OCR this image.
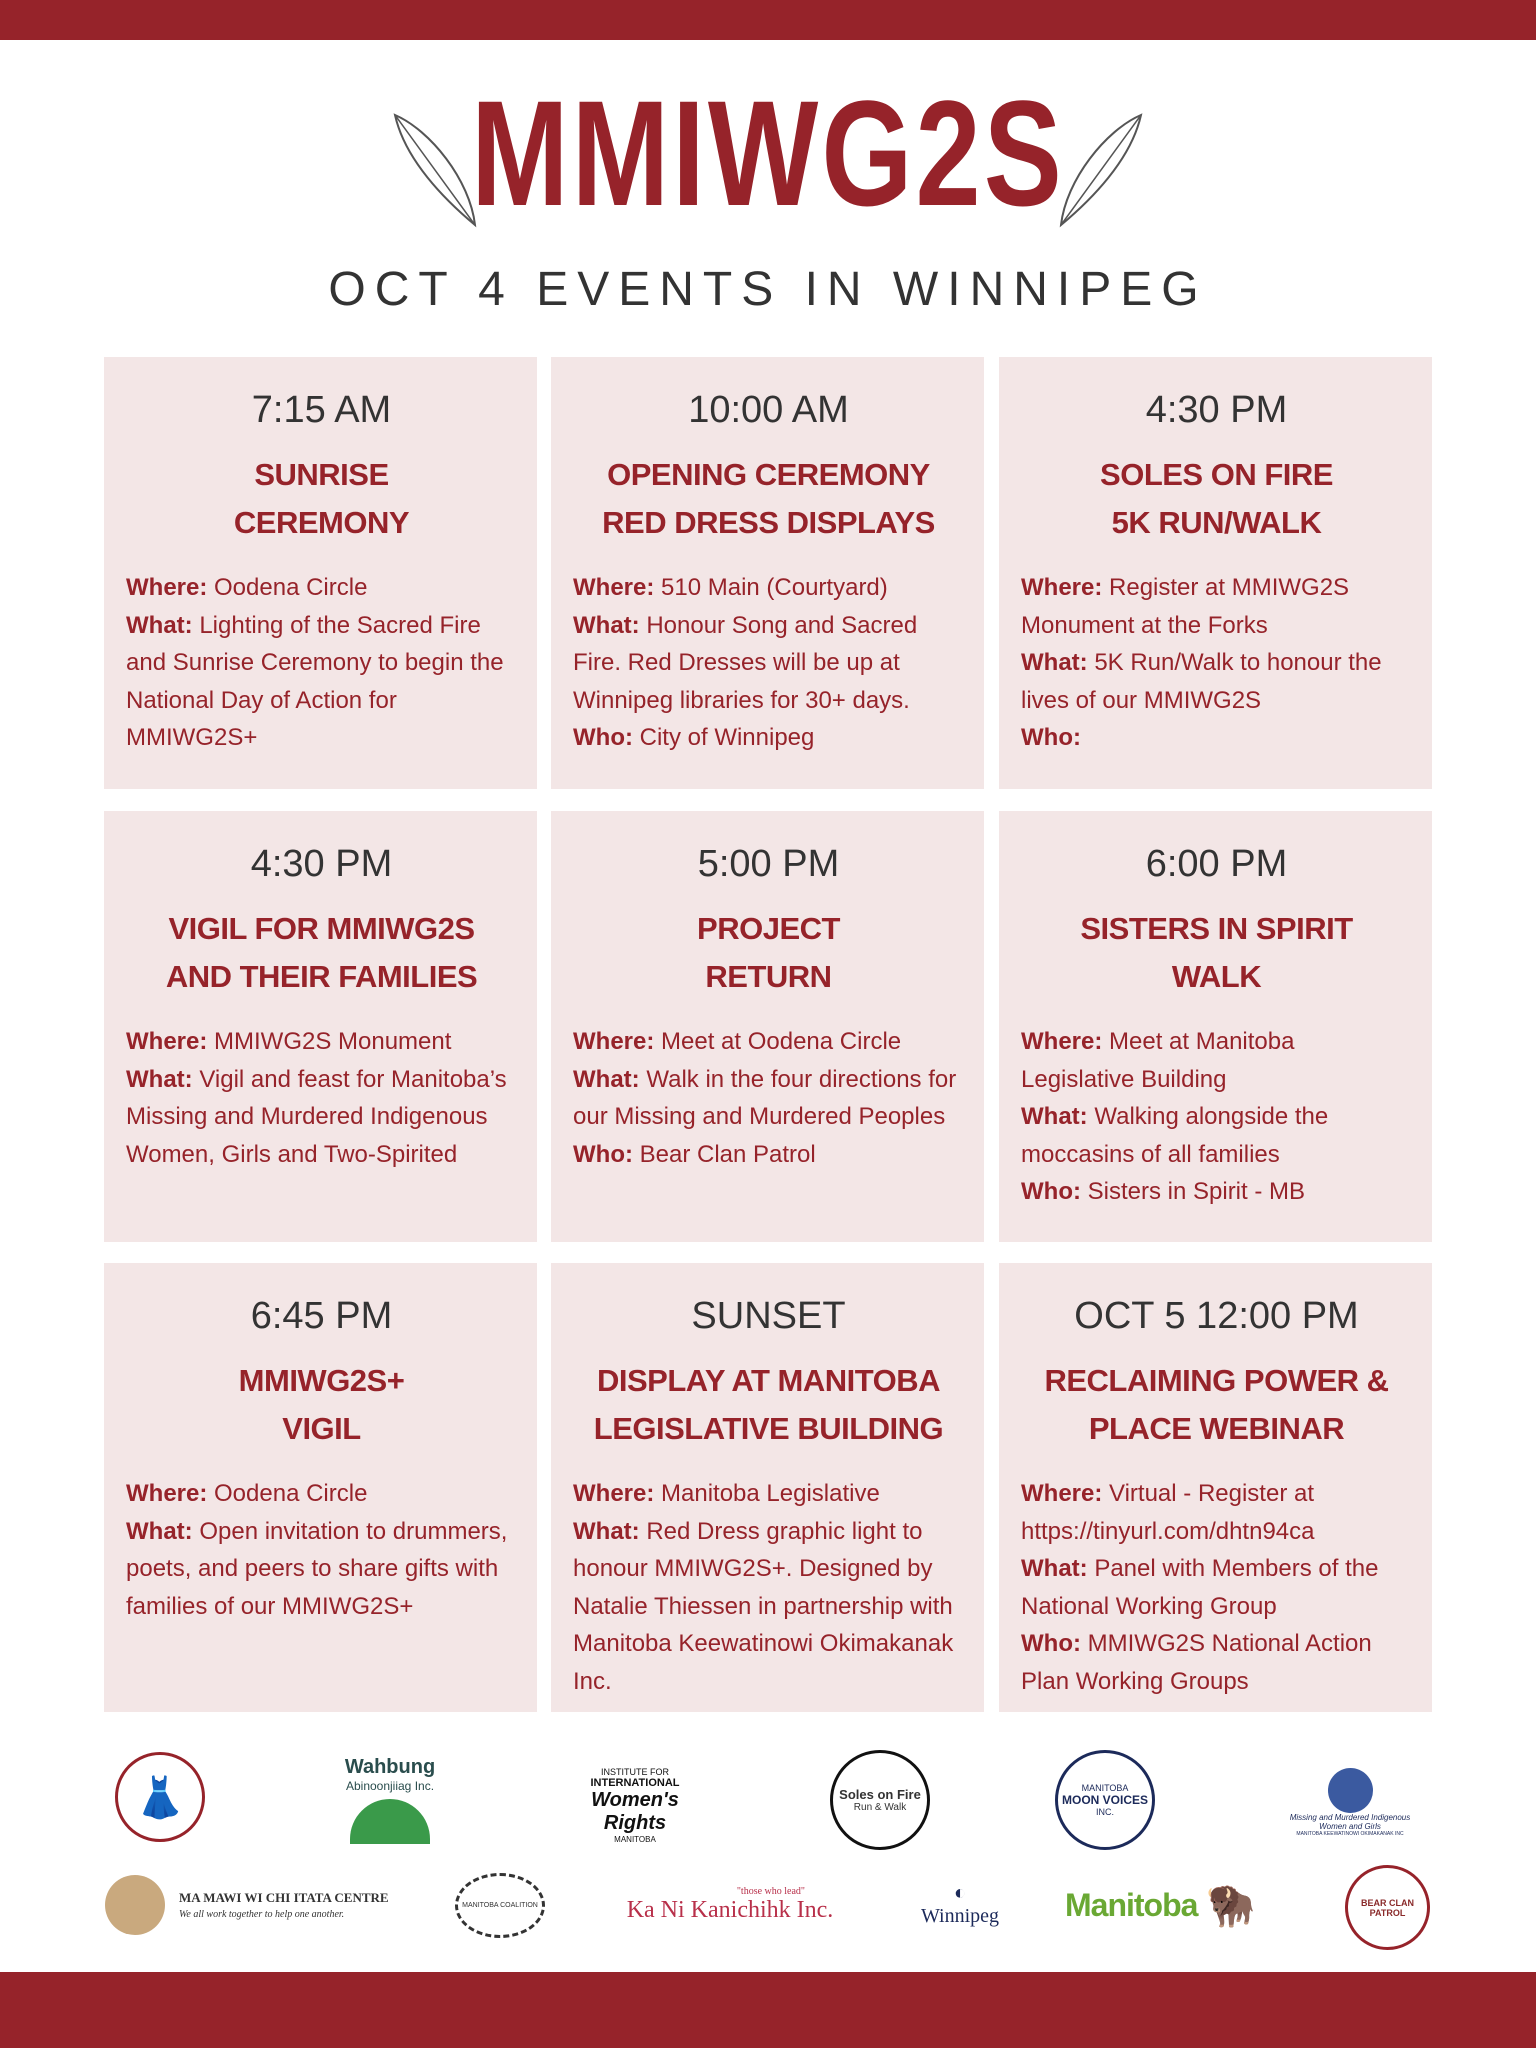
MMIWG2S
OCT 4 EVENTS IN WINNIPEG
7:15 AM
SUNRISE
CEREMONY
Where: Oodena Circle
What: Lighting of the Sacred Fire and Sunrise Ceremony to begin the National Day of Action for MMIWG2S+
10:00 AM
OPENING CEREMONY
RED DRESS DISPLAYS
Where: 510 Main (Courtyard)
What: Honour Song and Sacred Fire. Red Dresses will be up at Winnipeg libraries for 30+ days.
Who: City of Winnipeg
4:30 PM
SOLES ON FIRE
5K RUN/WALK
Where: Register at MMIWG2S Monument at the Forks
What: 5K Run/Walk to honour the lives of our MMIWG2S
Who:
4:30 PM
VIGIL FOR MMIWG2S
AND THEIR FAMILIES
Where: MMIWG2S Monument
What: Vigil and feast for Manitoba’s Missing and Murdered Indigenous Women, Girls and Two-Spirited
5:00 PM
PROJECT
RETURN
Where: Meet at Oodena Circle
What: Walk in the four directions for our Missing and Murdered Peoples
Who: Bear Clan Patrol
6:00 PM
SISTERS IN SPIRIT
WALK
Where: Meet at Manitoba Legislative Building
What: Walking alongside the moccasins of all families
Who: Sisters in Spirit - MB
6:45 PM
MMIWG2S+
VIGIL
Where: Oodena Circle
What: Open invitation to drummers, poets, and peers to share gifts with families of our MMIWG2S+
SUNSET
DISPLAY AT MANITOBA
LEGISLATIVE BUILDING
Where: Manitoba Legislative
What: Red Dress graphic light to honour MMIWG2S+. Designed by Natalie Thiessen in partnership with Manitoba Keewatinowi Okimakanak Inc.
OCT 5 12:00 PM
RECLAIMING POWER &
PLACE WEBINAR
Where: Virtual - Register at https://tinyurl.com/dhtn94ca
What: Panel with Members of the National Working Group
Who: MMIWG2S National Action Plan Working Groups
👗
Wahbung
Abinoonjiiag Inc.
INSTITUTE FOR
INTERNATIONAL
Women's Rights
MANITOBA
Soles on Fire
Run & Walk
MANITOBA
MOON VOICES
INC.
Missing and Murdered Indigenous Women and Girls
MANITOBA KEEWATINOWI OKIMAKANAK INC
MA MAWI WI CHI ITATA CENTRE
We all work together to help one another.
MANITOBA COALITION
"those who lead"
Ka Ni Kanichihk Inc.
◐
Winnipeg Manitoba 🦬	BEAR CLAN PATROL
